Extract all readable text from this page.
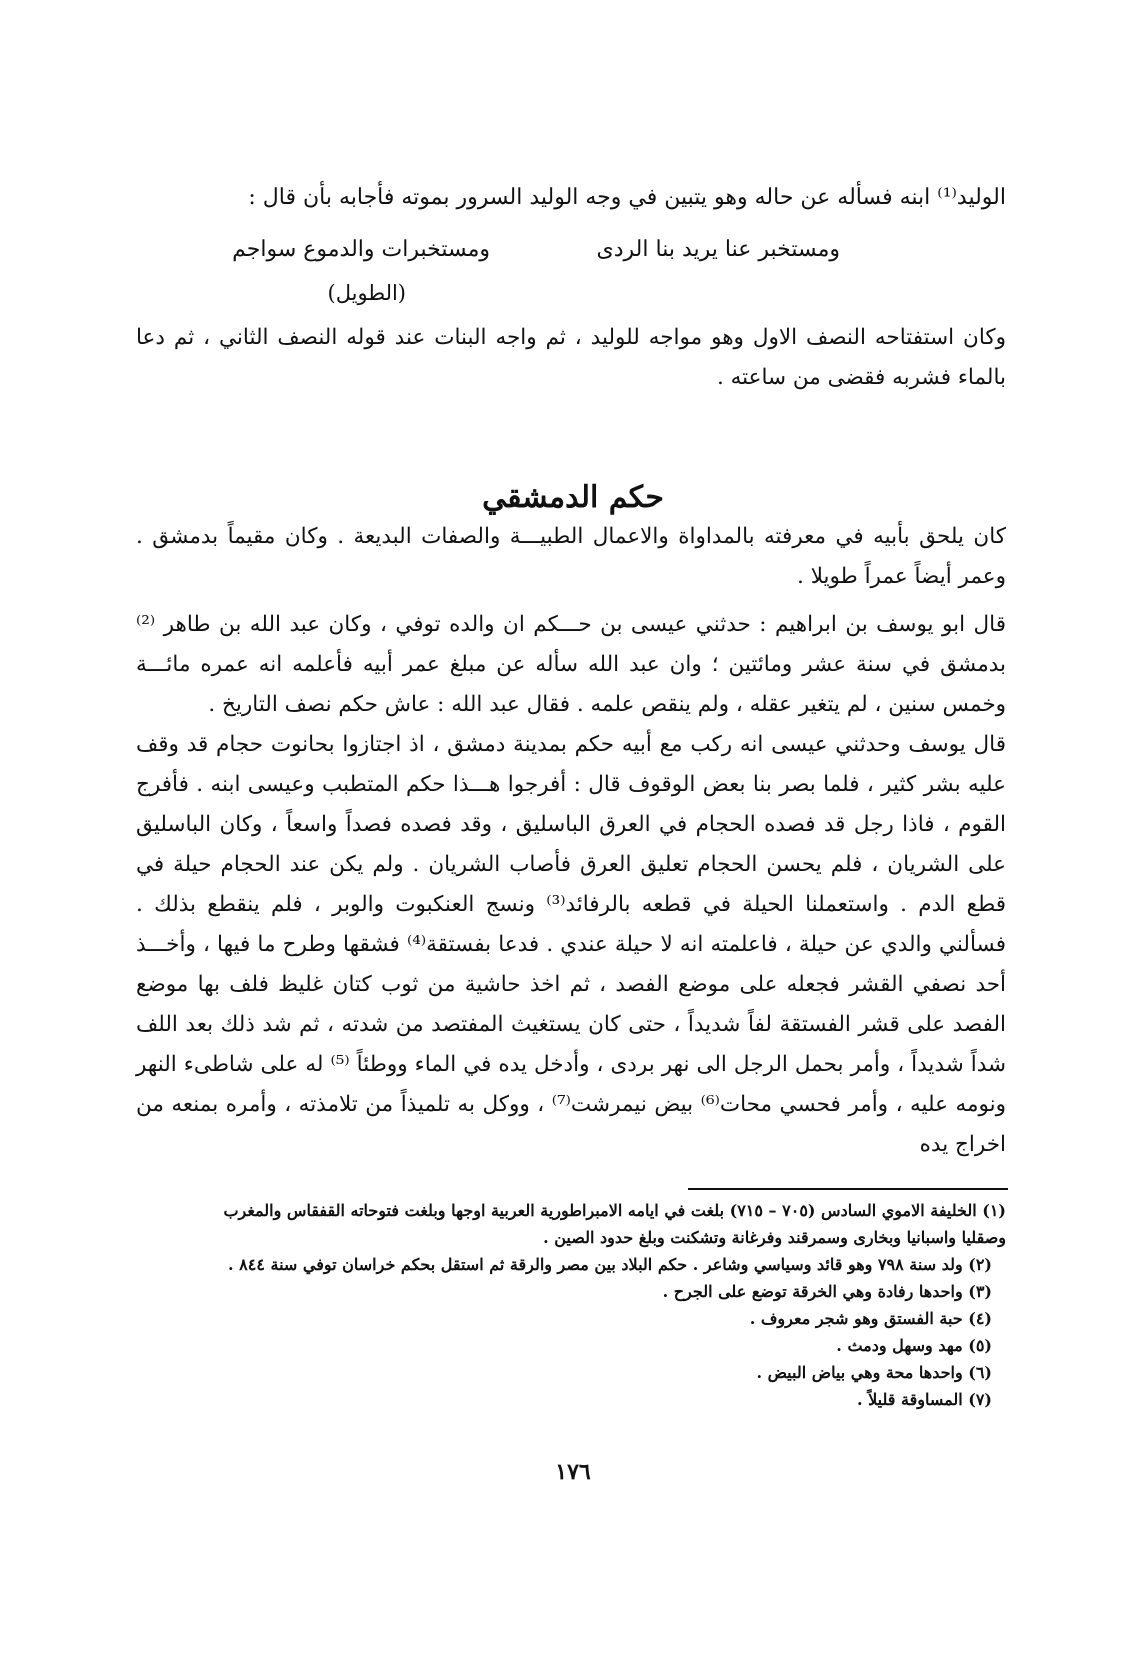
الوليد⁽¹⁾ ابنه فسأله عن حاله وهو يتبين في وجه الوليد السرور بموته فأجابه بأن قال :
ومستخبر عنا يريد بنا الردى
ومستخبرات والدموع سواجم
(الطويل)
وكان استفتاحه النصف الاول وهو مواجه للوليد ، ثم واجه البنات عند قوله النصف الثاني ، ثم دعا بالماء فشربه فقضى من ساعته .
حكم الدمشقي
كان يلحق بأبيه في معرفته بالمداواة والاعمال الطبيـــة والصفات البديعة . وكان مقيماً بدمشق . وعمر أيضاً عمراً طويلا .
قال ابو يوسف بن ابراهيم : حدثني عيسى بن حـــكم ان والده توفي ، وكان عبد الله بن طاهر ⁽²⁾ بدمشق في سنة عشر ومائتين ؛ وان عبد الله سأله عن مبلغ عمر أبيه فأعلمه انه عمره مائـــة وخمس سنين ، لم يتغير عقله ، ولم ينقص علمه . فقال عبد الله : عاش حكم نصف التاريخ .
قال يوسف وحدثني عيسى انه ركب مع أبيه حكم بمدينة دمشق ، اذ اجتازوا بحانوت حجام قد وقف عليه بشر كثير ، فلما بصر بنا بعض الوقوف قال : أفرجوا هـــذا حكم المتطبب وعيسى ابنه . فأفرج القوم ، فاذا رجل قد فصده الحجام في العرق الباسليق ، وقد فصده فصداً واسعاً ، وكان الباسليق على الشريان ، فلم يحسن الحجام تعليق العرق فأصاب الشريان . ولم يكن عند الحجام حيلة في قطع الدم . واستعملنا الحيلة في قطعه بالرفائد⁽³⁾ ونسج العنكبوت والوبر ، فلم ينقطع بذلك . فسألني والدي عن حيلة ، فاعلمته انه لا حيلة عندي . فدعا بفستقة⁽⁴⁾ فشقها وطرح ما فيها ، وأخـــذ أحد نصفي القشر فجعله على موضع الفصد ، ثم اخذ حاشية من ثوب كتان غليظ فلف بها موضع الفصد على قشر الفستقة لفاً شديداً ، حتى كان يستغيث المفتصد من شدته ، ثم شد ذلك بعد اللف شداً شديداً ، وأمر بحمل الرجل الى نهر بردى ، وأدخل يده في الماء ووطئاً ⁽⁵⁾ له على شاطىء النهر ونومه عليه ، وأمر فحسي محات⁽⁶⁾ بيض نيمرشت⁽⁷⁾ ، ووكل به تلميذاً من تلامذته ، وأمره بمنعه من اخراج يده
(١) الخليفة الاموي السادس (٧٠٥ – ٧١٥) بلغت في ايامه الامبراطورية العربية اوجها وبلغت فتوحاته القفقاس والمغرب
وصقليا واسبانيا وبخارى وسمرقند وفرغانة وتشكنت وبلغ حدود الصين .
(٢) ولد سنة ٧٩٨ وهو قائد وسياسي وشاعر . حكم البلاد بين مصر والرقة ثم استقل بحكم خراسان توفي سنة ٨٤٤ .
(٣) واحدها رفادة وهي الخرقة توضع على الجرح .
(٤) حبة الفستق وهو شجر معروف .
(٥) مهد وسهل ودمث .
(٦) واحدها محة وهي بياض البيض .
(٧) المساوقة قليلاً .
١٧٦
